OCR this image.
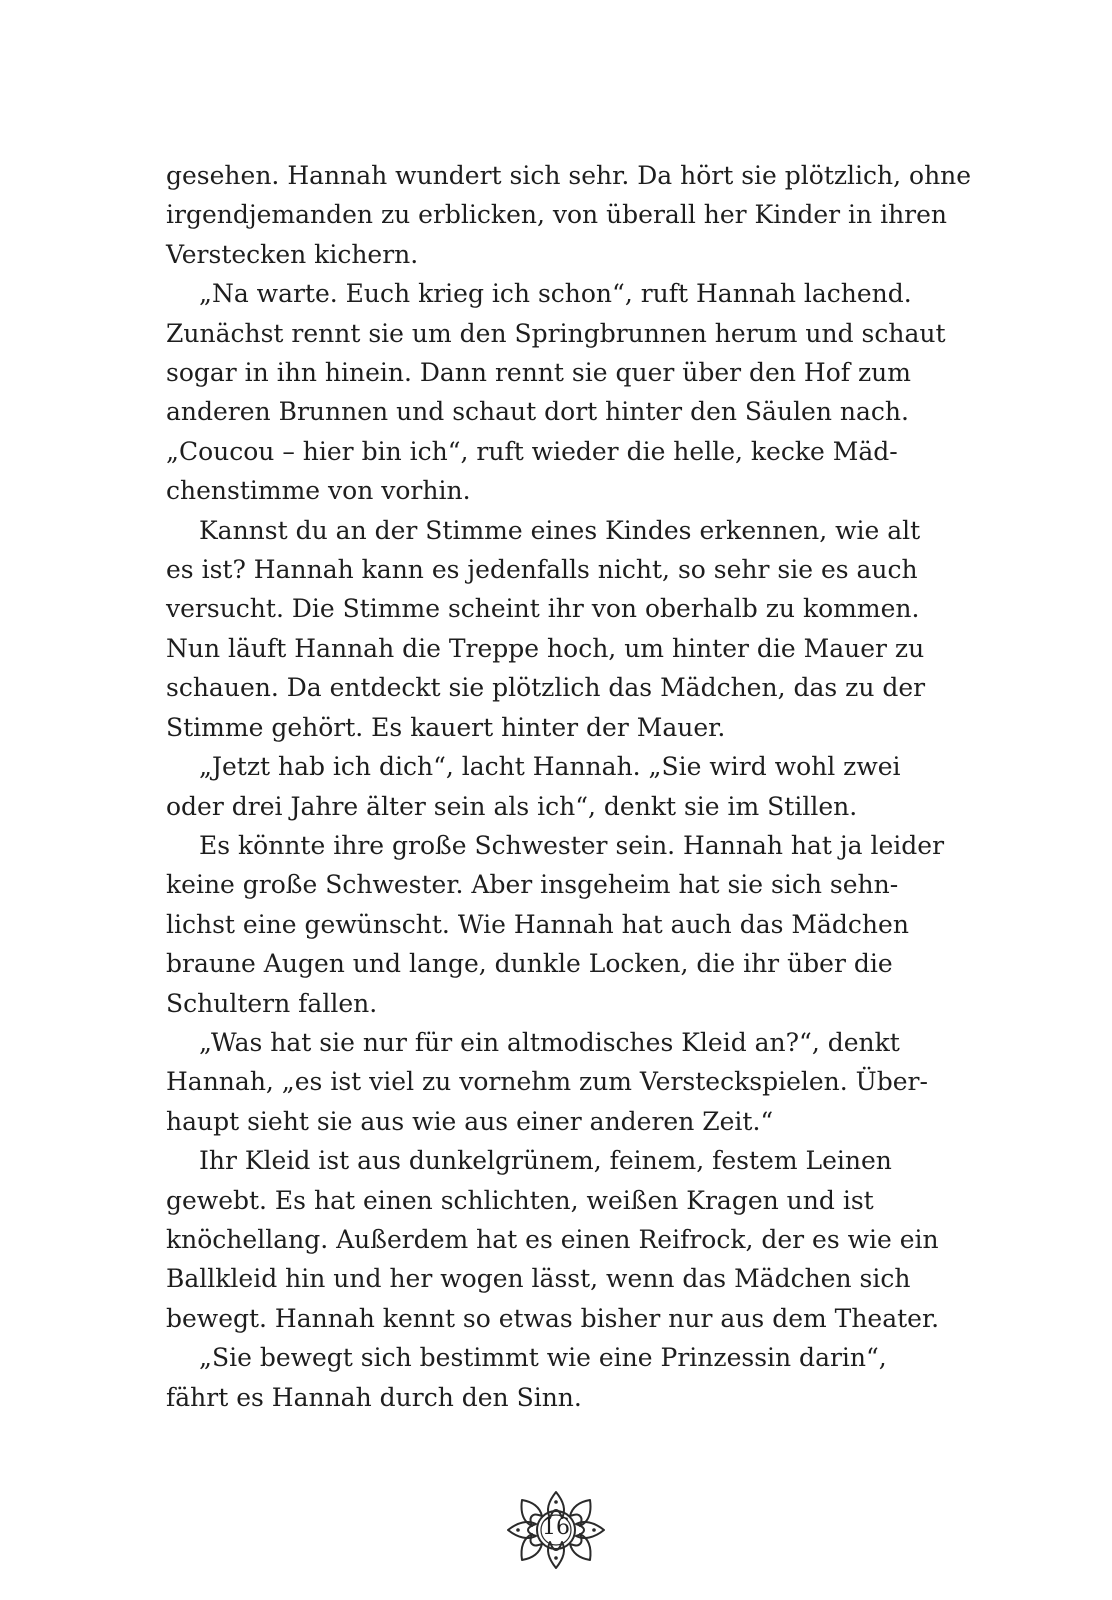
gesehen. Hannah wundert sich sehr. Da hört sie plötzlich, ohne
irgendjemanden zu erblicken, von überall her Kinder in ihren
Verstecken kichern.
„Na warte. Euch krieg ich schon“, ruft Hannah lachend.
Zunächst rennt sie um den Springbrunnen herum und schaut
sogar in ihn hinein. Dann rennt sie quer über den Hof zum
anderen Brunnen und schaut dort hinter den Säulen nach.
„Coucou – hier bin ich“, ruft wieder die helle, kecke Mäd-
chenstimme von vorhin.
Kannst du an der Stimme eines Kindes erkennen, wie alt
es ist? Hannah kann es jedenfalls nicht, so sehr sie es auch
versucht. Die Stimme scheint ihr von oberhalb zu kommen.
Nun läuft Hannah die Treppe hoch, um hinter die Mauer zu
schauen. Da entdeckt sie plötzlich das Mädchen, das zu der
Stimme gehört. Es kauert hinter der Mauer.
„Jetzt hab ich dich“, lacht Hannah. „Sie wird wohl zwei
oder drei Jahre älter sein als ich“, denkt sie im Stillen.
Es könnte ihre große Schwester sein. Hannah hat ja leider
keine große Schwester. Aber insgeheim hat sie sich sehn-
lichst eine gewünscht. Wie Hannah hat auch das Mädchen
braune Augen und lange, dunkle Locken, die ihr über die
Schultern fallen.
„Was hat sie nur für ein altmodisches Kleid an?“, denkt
Hannah, „es ist viel zu vornehm zum Versteckspielen. Über-
haupt sieht sie aus wie aus einer anderen Zeit.“
Ihr Kleid ist aus dunkelgrünem, feinem, festem Leinen
gewebt. Es hat einen schlichten, weißen Kragen und ist
knöchellang. Außerdem hat es einen Reifrock, der es wie ein
Ballkleid hin und her wogen lässt, wenn das Mädchen sich
bewegt. Hannah kennt so etwas bisher nur aus dem Theater.
„Sie bewegt sich bestimmt wie eine Prinzessin darin“,
fährt es Hannah durch den Sinn.
16
